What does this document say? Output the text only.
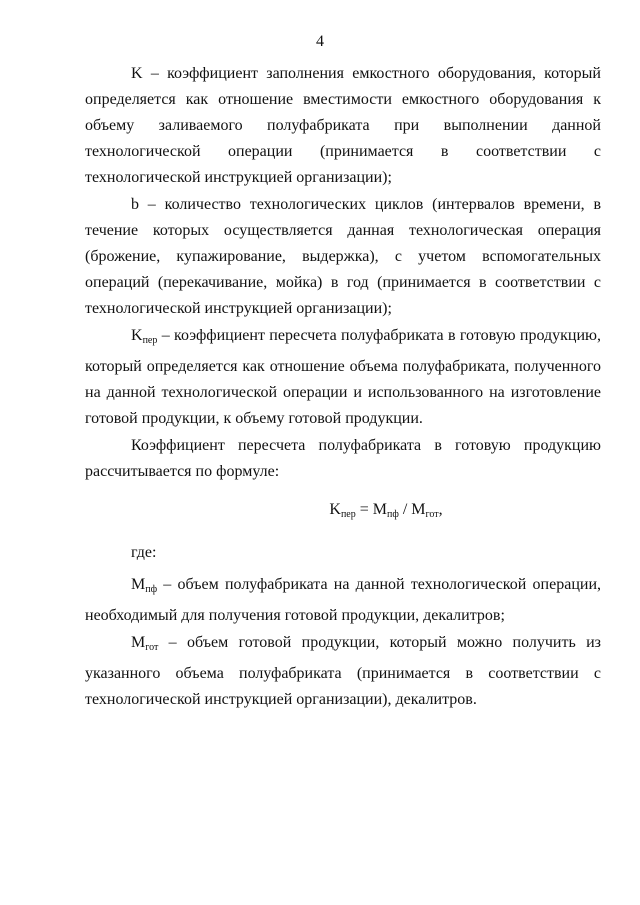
4

K – коэффициент заполнения емкостного оборудования, который определяется как отношение вместимости емкостного оборудования к объему заливаемого полуфабриката при выполнении данной технологической операции (принимается в соответствии с технологической инструкцией организации);

b – количество технологических циклов (интервалов времени, в течение которых осуществляется данная технологическая операция (брожение, купажирование, выдержка), с учетом вспомогательных операций (перекачивание, мойка) в год (принимается в соответствии с технологической инструкцией организации);

$K_{пер}$ – коэффициент пересчета полуфабриката в готовую продукцию, который определяется как отношение объема полуфабриката, полученного на данной технологической операции и использованного на изготовление готовой продукции, к объему готовой продукции.

Коэффициент пересчета полуфабриката в готовую продукцию рассчитывается по формуле:

$K_{пер} = M_{пф} / M_{гот}$,

где:

$M_{пф}$ – объем полуфабриката на данной технологической операции, необходимый для получения готовой продукции, декалитров;

$M_{гот}$ – объем готовой продукции, который можно получить из указанного объема полуфабриката (принимается в соответствии с технологической инструкцией организации), декалитров.
